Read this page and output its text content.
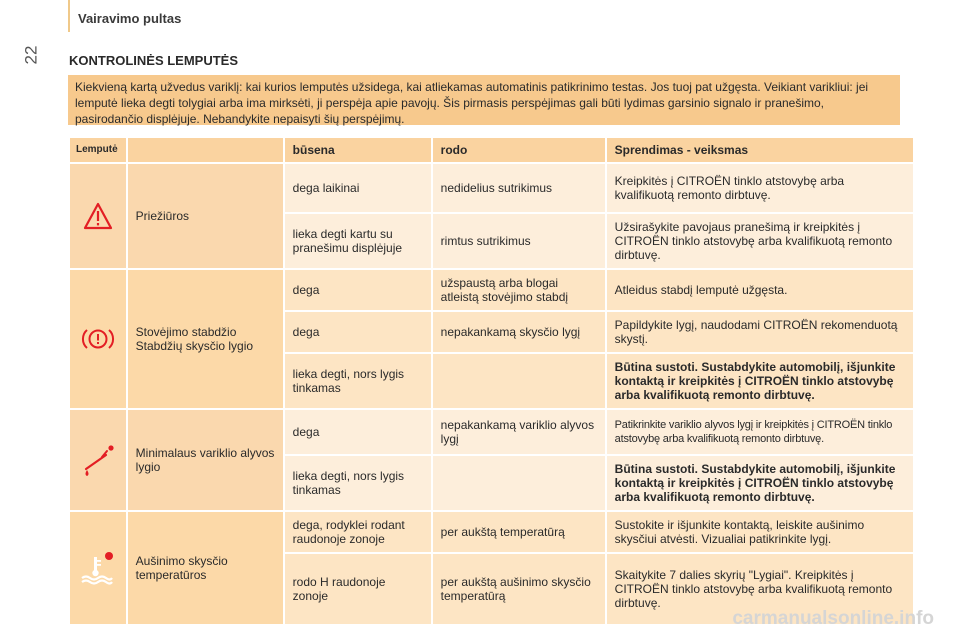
Vairavimo pultas
22 KONTROLINĖS LEMPUTĖS
Kiekvieną kartą užvedus variklį: kai kurios lemputės užsidega, kai atliekamas automatinis patikrinimo testas. Jos tuoj pat užgęsta. Veikiant varikliui: jei lemputė lieka degti tolygiai arba ima mirksėti, ji perspėja apie pavojų. Šis pirmasis perspėjimas gali būti lydimas garsinio signalo ir pranešimo, pasirodančio displėjuje. Nebandykite nepaisyti šių perspėjimų.
Lemputė		būsena	rodo	Sprendimas - veiksmas
	Priežiūros	dega laikinai	nedidelius sutrikimus	Kreipkitės į CITROËN tinklo atstovybę arba kvalifikuotą remonto dirbtuvę.
		lieka degti kartu su pranešimu displėjuje	rimtus sutrikimus	Užsirašykite pavojaus pranešimą ir kreipkitės į CITROËN tinklo atstovybę arba kvalifikuotą remonto dirbtuvę.
	Stovėjimo stabdžio Stabdžių skysčio lygio	dega	užspaustą arba blogai atleistą stovėjimo stabdį	Atleidus stabdį lemputė užgęsta.
		dega	nepakankamą skysčio lygį	Papildykite lygį, naudodami CITROËN rekomenduotą skystį.
		lieka degti, nors lygis tinkamas		Būtina sustoti. Sustabdykite automobilį, išjunkite kontaktą ir kreipkitės į CITROËN tinklo atstovybę arba kvalifikuotą remonto dirbtuvę.
	Minimalaus variklio alyvos lygio	dega	nepakankamą variklio alyvos lygį	Patikrinkite variklio alyvos lygį ir kreipkitės į CITROËN tinklo atstovybę arba kvalifikuotą remonto dirbtuvę.
		lieka degti, nors lygis tinkamas		Būtina sustoti. Sustabdykite automobilį, išjunkite kontaktą ir kreipkitės į CITROËN tinklo atstovybę arba kvalifikuotą remonto dirbtuvę.
	Aušinimo skysčio temperatūros	dega, rodyklei rodant raudonoje zonoje	per aukštą temperatūrą	Sustokite ir išjunkite kontaktą, leiskite aušinimo skysčiui atvėsti. Vizualiai patikrinkite lygį.
		rodo H raudonoje zonoje	per aukštą aušinimo skysčio temperatūrą	Skaitykite 7 dalies skyrių "Lygiai". Kreipkitės į CITROËN tinklo atstovybę arba kvalifikuotą remonto dirbtuvę.
carmanualsonline.info
